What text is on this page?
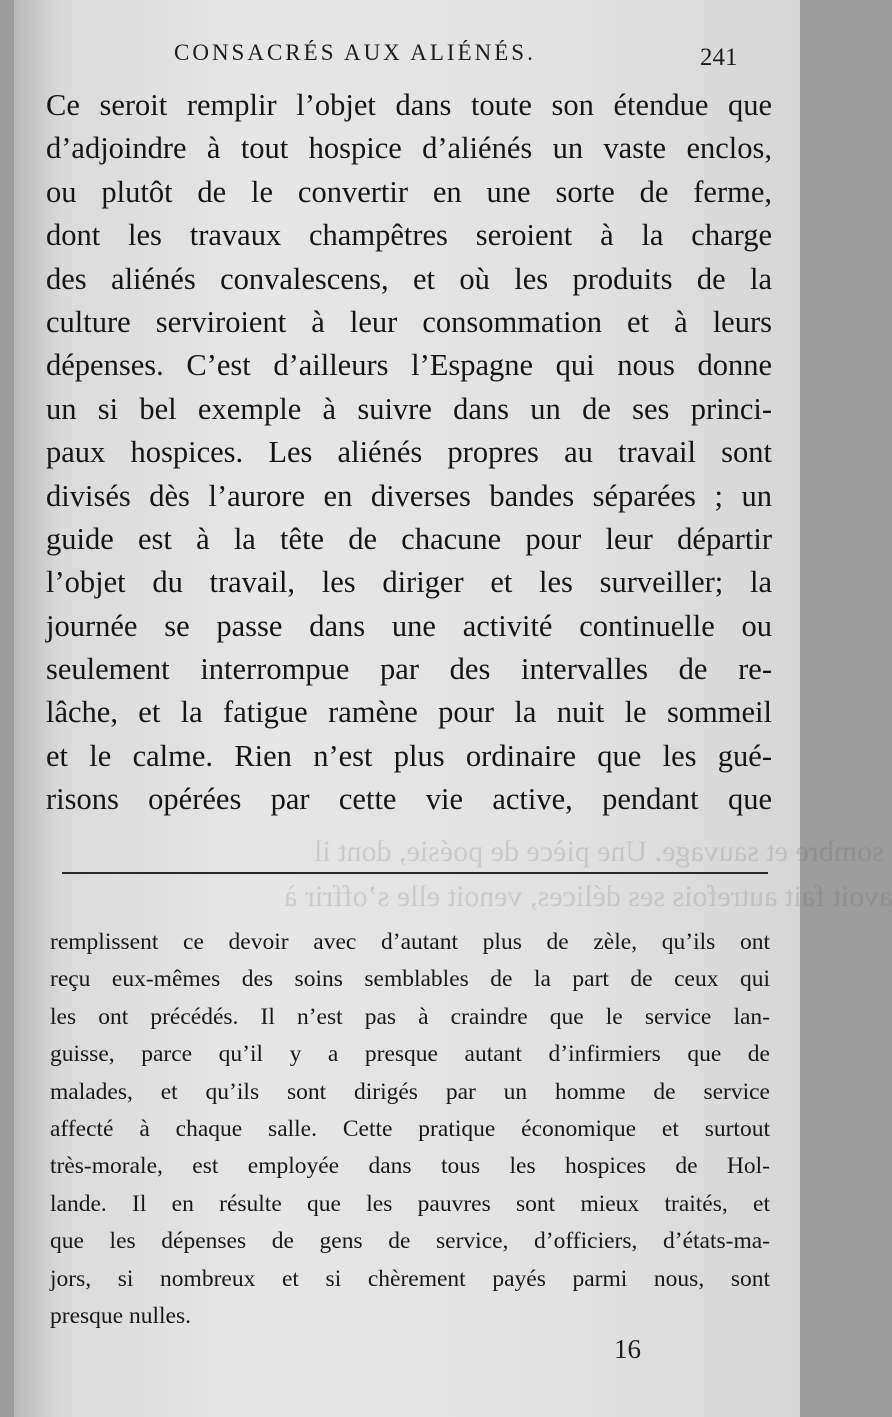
sombre et sauvage. Une pièce de poésie, dont il
avoit fait autrefois ses délices, venoit elle s’offrir à
CONSACRÉS AUX ALIÉNÉS.	241
Ce seroit remplir l’objet dans toute son étendue que
d’adjoindre à tout hospice d’aliénés un vaste enclos,
ou plutôt de le convertir en une sorte de ferme,
dont les travaux champêtres seroient à la charge
des aliénés convalescens, et où les produits de la
culture serviroient à leur consommation et à leurs
dépenses. C’est d’ailleurs l’Espagne qui nous donne
un si bel exemple à suivre dans un de ses princi-
paux hospices. Les aliénés propres au travail sont
divisés dès l’aurore en diverses bandes séparées ; un
guide est à la tête de chacune pour leur départir
l’objet du travail, les diriger et les surveiller; la
journée se passe dans une activité continuelle ou
seulement interrompue par des intervalles de re-
lâche, et la fatigue ramène pour la nuit le sommeil
et le calme. Rien n’est plus ordinaire que les gué-
risons opérées par cette vie active, pendant que
remplissent ce devoir avec d’autant plus de zèle, qu’ils ont
reçu eux-mêmes des soins semblables de la part de ceux qui
les ont précédés. Il n’est pas à craindre que le service lan-
guisse, parce qu’il y a presque autant d’infirmiers que de
malades, et qu’ils sont dirigés par un homme de service
affecté à chaque salle. Cette pratique économique et surtout
très-morale, est employée dans tous les hospices de Hol-
lande. Il en résulte que les pauvres sont mieux traités, et
que les dépenses de gens de service, d’officiers, d’états-ma-
jors, si nombreux et si chèrement payés parmi nous, sont
presque nulles.
16
